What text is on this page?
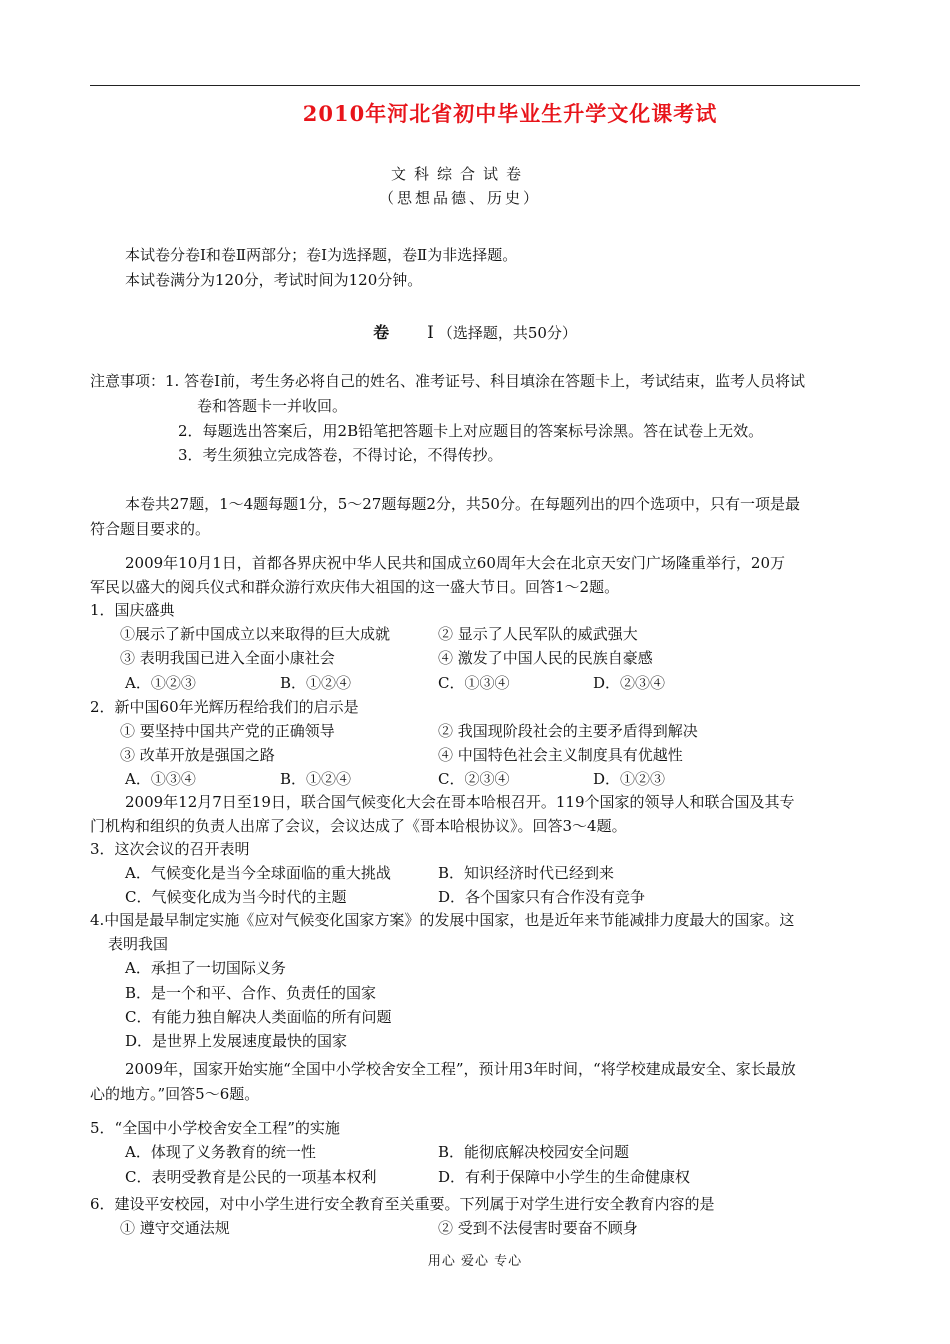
2010年河北省初中毕业生升学文化课考试
文科综合试卷
（思想品德、历史）
本试卷分卷Ⅰ和卷Ⅱ两部分；卷Ⅰ为选择题，卷Ⅱ为非选择题。
本试卷满分为120分，考试时间为120分钟。
卷 Ⅰ （选择题，共50分）
注意事项：1. 答卷Ⅰ前，考生务必将自己的姓名、准考证号、科目填涂在答题卡上，考试结束，监考人员将试
卷和答题卡一并收回。
2．每题选出答案后，用2B铅笔把答题卡上对应题目的答案标号涂黑。答在试卷上无效。
3．考生须独立完成答卷，不得讨论，不得传抄。
本卷共27题，1～4题每题1分，5～27题每题2分，共50分。在每题列出的四个选项中，只有一项是最
符合题目要求的。
2009年10月1日，首都各界庆祝中华人民共和国成立60周年大会在北京天安门广场隆重举行，20万
军民以盛大的阅兵仪式和群众游行欢庆伟大祖国的这一盛大节日。回答1～2题。
1．国庆盛典
①展示了新中国成立以来取得的巨大成就	② 显示了人民军队的威武强大
③ 表明我国已进入全面小康社会	④ 激发了中国人民的民族自豪感
A．①②③	B．①②④	C．①③④	D．②③④
2．新中国60年光辉历程给我们的启示是
① 要坚持中国共产党的正确领导	② 我国现阶段社会的主要矛盾得到解决
③ 改革开放是强国之路	④ 中国特色社会主义制度具有优越性
A．①③④	B．①②④	C．②③④	D．①②③
2009年12月7日至19日，联合国气候变化大会在哥本哈根召开。119个国家的领导人和联合国及其专
门机构和组织的负责人出席了会议，会议达成了《哥本哈根协议》。回答3～4题。
3．这次会议的召开表明
A．气候变化是当今全球面临的重大挑战	B．知识经济时代已经到来
C．气候变化成为当今时代的主题	D．各个国家只有合作没有竞争
4.中国是最早制定实施《应对气候变化国家方案》的发展中国家，也是近年来节能减排力度最大的国家。这
表明我国
A．承担了一切国际义务
B．是一个和平、合作、负责任的国家
C．有能力独自解决人类面临的所有问题
D．是世界上发展速度最快的国家
2009年，国家开始实施“全国中小学校舍安全工程”，预计用3年时间，“将学校建成最安全、家长最放
心的地方。”回答5～6题。
5．“全国中小学校舍安全工程”的实施
A．体现了义务教育的统一性	B．能彻底解决校园安全问题
C．表明受教育是公民的一项基本权利	D．有利于保障中小学生的生命健康权
6．建设平安校园，对中小学生进行安全教育至关重要。下列属于对学生进行安全教育内容的是
① 遵守交通法规	② 受到不法侵害时要奋不顾身
用心 爱心 专心
